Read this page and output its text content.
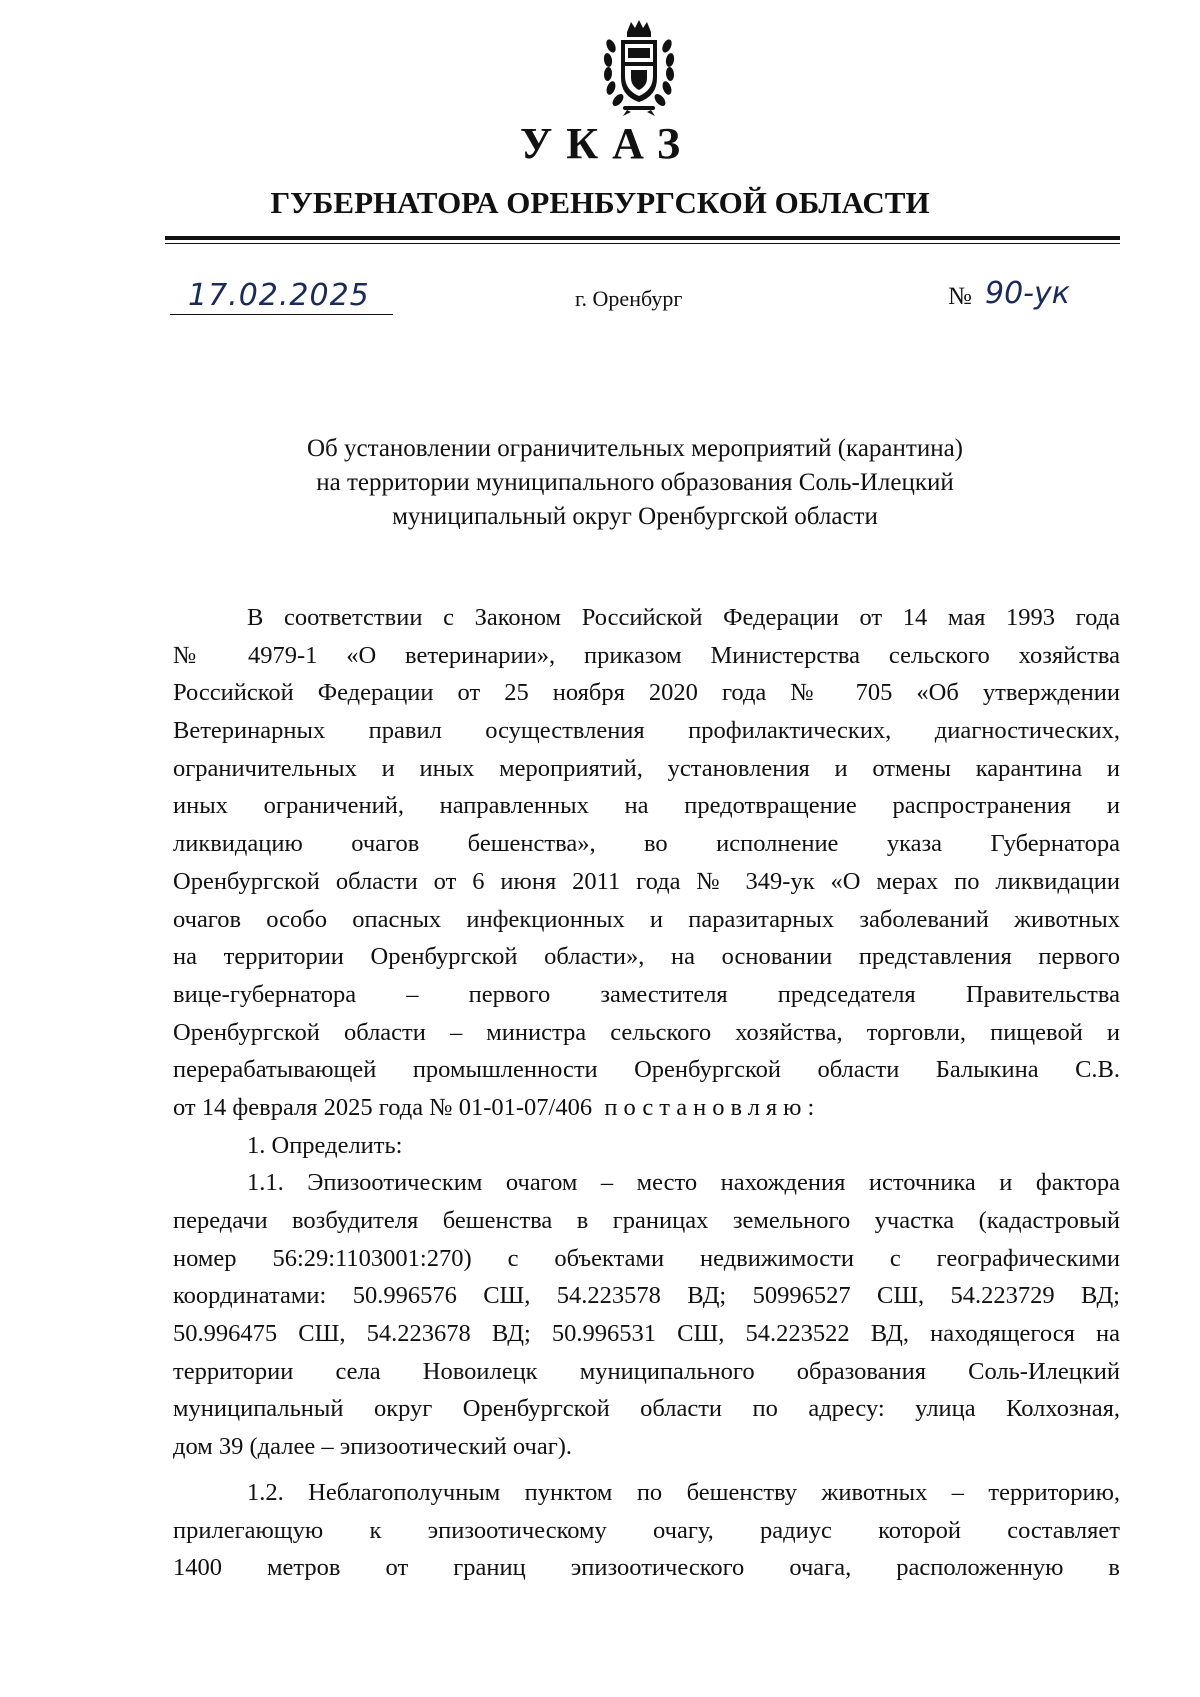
УКАЗ
ГУБЕРНАТОРА ОРЕНБУРГСКОЙ ОБЛАСТИ
17.02.2025	г. Оренбург	№ 90-ук
Об установлении ограничительных мероприятий (карантина)
на территории муниципального образования Соль-Илецкий
муниципальный округ Оренбургской области
В соответствии с Законом Российской Федерации от 14 мая 1993 года
№ 4979-1 «О ветеринарии», приказом Министерства сельского хозяйства
Российской Федерации от 25 ноября 2020 года № 705 «Об утверждении
Ветеринарных правил осуществления профилактических, диагностических,
ограничительных и иных мероприятий, установления и отмены карантина и
иных ограничений, направленных на предотвращение распространения и
ликвидацию очагов бешенства», во исполнение указа Губернатора
Оренбургской области от 6 июня 2011 года № 349-ук «О мерах по ликвидации
очагов особо опасных инфекционных и паразитарных заболеваний животных
на территории Оренбургской области», на основании представления первого
вице-губернатора – первого заместителя председателя Правительства
Оренбургской области – министра сельского хозяйства, торговли, пищевой и
перерабатывающей промышленности Оренбургской области Балыкина С.В.
от 14 февраля 2025 года № 01-01-07/406 постановляю:
1. Определить:
1.1. Эпизоотическим очагом – место нахождения источника и фактора
передачи возбудителя бешенства в границах земельного участка (кадастровый
номер 56:29:1103001:270) с объектами недвижимости с географическими
координатами: 50.996576 СШ, 54.223578 ВД; 50996527 СШ, 54.223729 ВД;
50.996475 СШ, 54.223678 ВД; 50.996531 СШ, 54.223522 ВД, находящегося на
территории села Новоилецк муниципального образования Соль-Илецкий
муниципальный округ Оренбургской области по адресу: улица Колхозная,
дом 39 (далее – эпизоотический очаг).
1.2. Неблагополучным пунктом по бешенству животных – территорию,
прилегающую к эпизоотическому очагу, радиус которой составляет
1400 метров от границ эпизоотического очага, расположенную в
